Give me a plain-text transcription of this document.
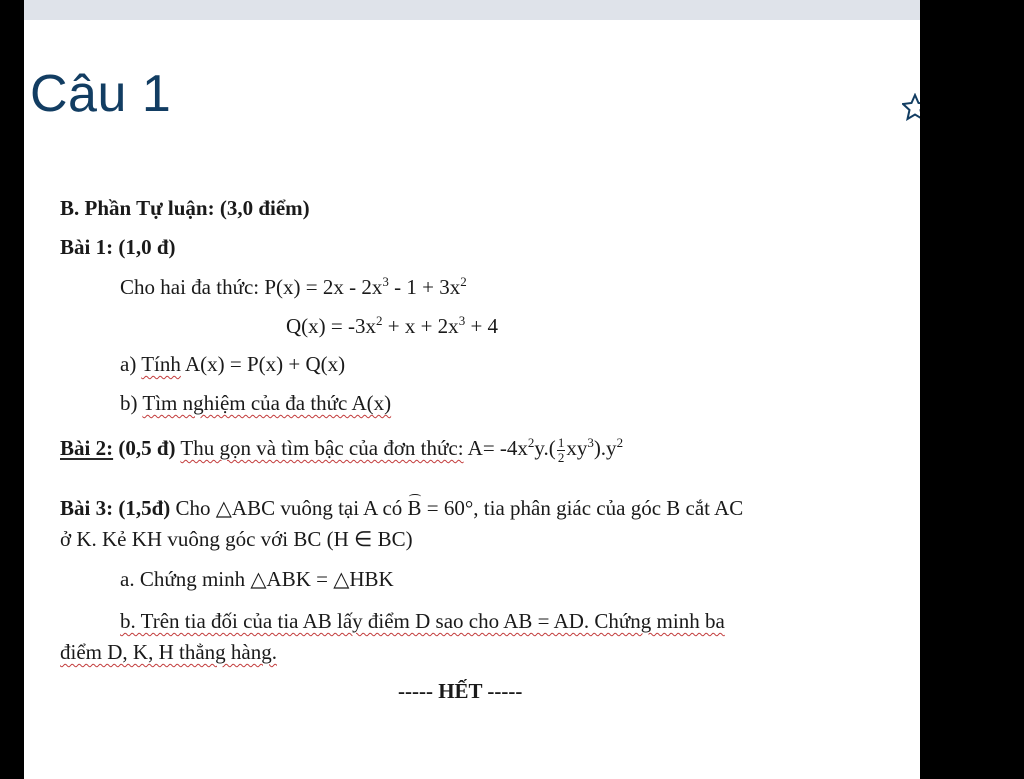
Câu 1
B. Phần Tự luận: (3,0 điểm)
Bài 1: (1,0 đ)
Cho hai đa thức: $P(x) = 2x - 2x^3 - 1 + 3x^2$
$Q(x) = -3x^2 + x + 2x^3 + 4$
a) Tính A(x) = P(x) + Q(x)
b) Tìm nghiệm của đa thức A(x)
Bài 2: (0,5 đ) Thu gọn và tìm bậc của đơn thức: $A= -4x^2y.( \frac{1}{2} xy^3).y^2$
Bài 3: (1,5đ) Cho △ABC vuông tại A có B = 60°, tia phân giác của góc B cắt AC
ở K. Kẻ KH vuông góc với BC (H ∈ BC)
a. Chứng minh △ABK = △HBK
b. Trên tia đối của tia AB lấy điểm D sao cho AB = AD. Chứng minh ba
điểm D, K, H thẳng hàng.
----- HẾT -----
